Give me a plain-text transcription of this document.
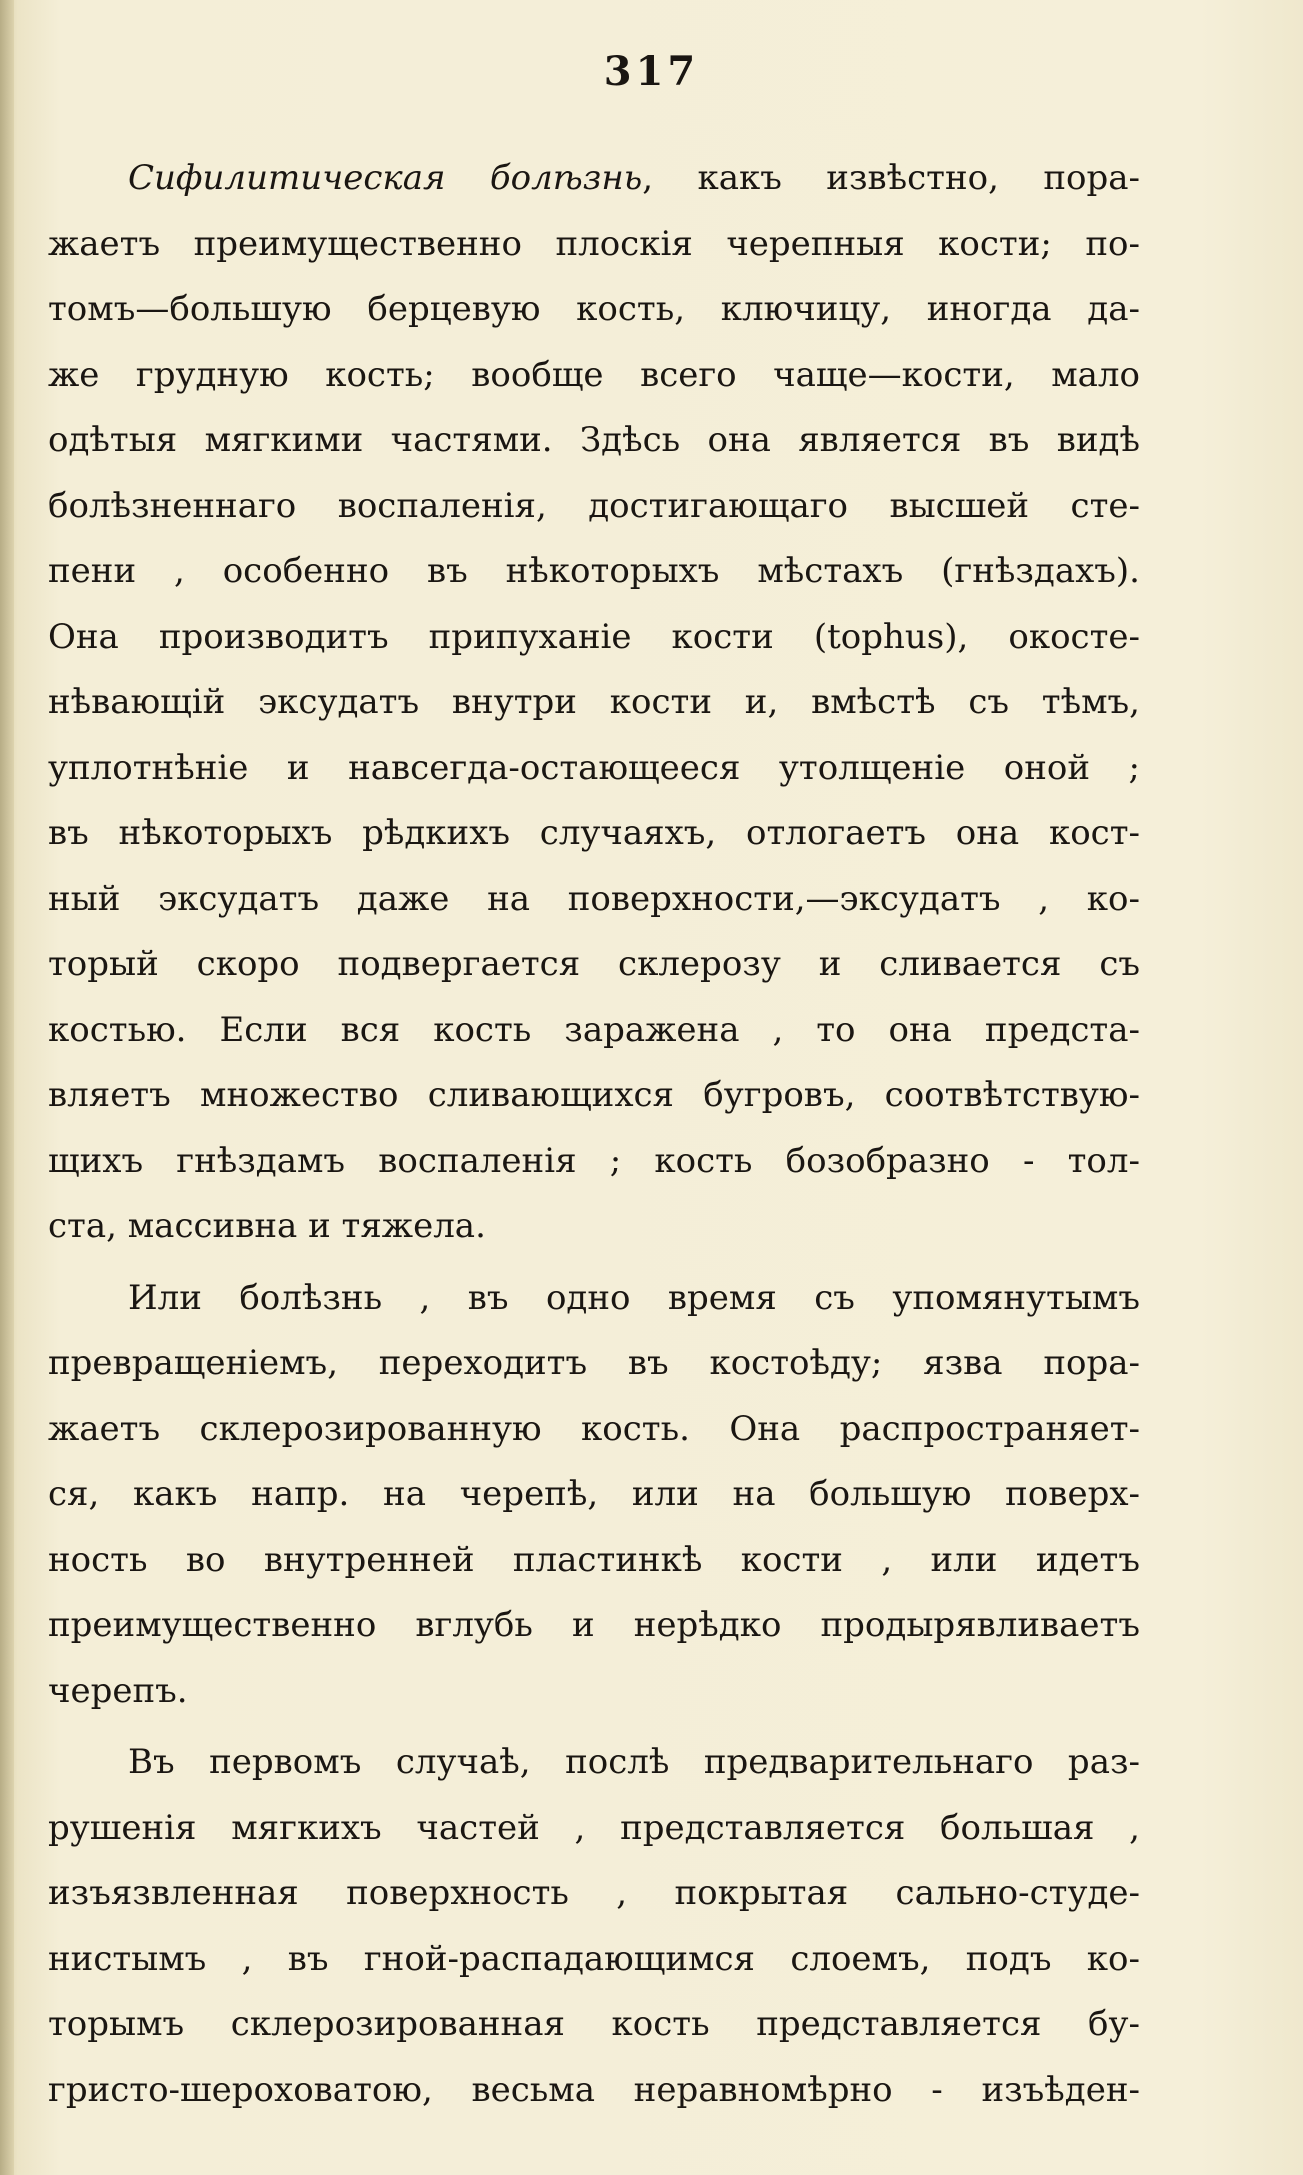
317
Сифилитическая болѣзнь, какъ извѣстно, пора-
жаетъ преимущественно плоскія черепныя кости; по-
томъ—большую берцевую кость, ключицу, иногда да-
же грудную кость; вообще всего чаще—кости, мало
одѣтыя мягкими частями. Здѣсь она является въ видѣ
болѣзненнаго воспаленія, достигающаго высшей сте-
пени , особенно въ нѣкоторыхъ мѣстахъ (гнѣздахъ).
Она производитъ припуханіе кости (tophus), окосте-
нѣвающій эксудатъ внутри кости и, вмѣстѣ съ тѣмъ,
уплотнѣніе и навсегда-остающееся утолщеніе оной ;
въ нѣкоторыхъ рѣдкихъ случаяхъ, отлогаетъ она кост-
ный эксудатъ даже на поверхности,—эксудатъ , ко-
торый скоро подвергается склерозу и сливается съ
костью. Если вся кость заражена , то она предста-
вляетъ множество сливающихся бугровъ, соотвѣтствую-
щихъ гнѣздамъ воспаленія ; кость бозобразно - тол-
ста, массивна и тяжела.
Или болѣзнь , въ одно время съ упомянутымъ
превращеніемъ, переходитъ въ костоѣду; язва пора-
жаетъ склерозированную кость. Она распространяет-
ся, какъ напр. на черепѣ, или на большую поверх-
ность во внутренней пластинкѣ кости , или идетъ
преимущественно вглубь и нерѣдко продырявливаетъ
черепъ.
Въ первомъ случаѣ, послѣ предварительнаго раз-
рушенія мягкихъ частей , представляется большая ,
изъязвленная поверхность , покрытая сально-студе-
нистымъ , въ гной-распадающимся слоемъ, подъ ко-
торымъ склерозированная кость представляется бу-
гристо-шероховатою, весьма неравномѣрно - изъѣден-
